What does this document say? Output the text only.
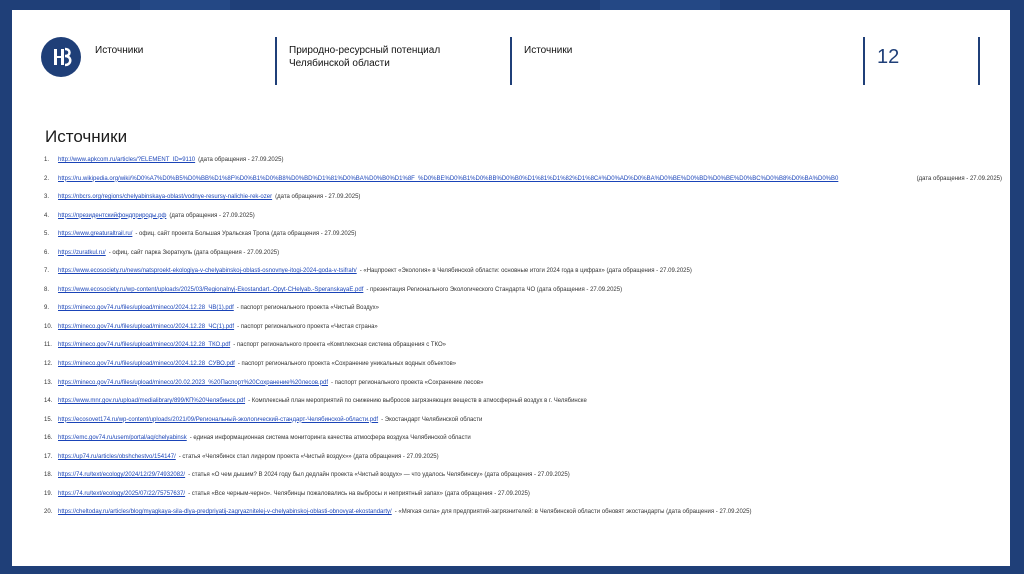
Источники	Природно-ресурсный потенциал
Челябинской области
Источники	12
Источники
1.	http://www.apkcom.ru/articles/?ELEMENT_ID=9110 (дата обращения - 27.09.2025)
2.	https://ru.wikipedia.org/wiki/%D0%A7%D0%B5%D0%BB%D1%8F%D0%B1%D0%B8%D0%BD%D1%81%D0%BA%D0%B0%D1%8F_%D0%BE%D0%B1%D0%BB%D0%B0%D1%81%D1%82%D1%8C#%D0%AD%D0%BA%D0%BE%D0%BD%D0%BE%D0%BC%D0%B8%D0%BA%D0%B0	(дата обращения - 27.09.2025)
3.	https://nbcrs.org/regions/chelyabinskaya-oblast/vodnye-resursy-nalichie-rek-ozer (дата обращения - 27.09.2025)
4.	https://президентскийфондприроды.рф (дата обращения - 27.09.2025)
5.	https://www.greaturaltrail.ru/ - офиц. сайт проекта Большая Уральская Тропа (дата обращения - 27.09.2025)
6.	https://zuratkul.ru/ - офиц. сайт парка Зюраткуль (дата обращения - 27.09.2025)
7.	https://www.ecosociety.ru/news/natsproekt-ekologiya-v-chelyabinskoj-oblasti-osnovnye-itogi-2024-goda-v-tsifrah/ - «Нацпроект «Экология» в Челябинской области: основные итоги 2024 года в цифрах» (дата обращения - 27.09.2025)
8.	https://www.ecosociety.ru/wp-content/uploads/2025/03/Regionalnyj-Ekostandart.-Opyt-CHelyab.-SperanskayaE.pdf - презентация Регионального Экологического Стандарта ЧО (дата обращения - 27.09.2025)
9.	https://mineco.gov74.ru/files/upload/mineco/2024.12.28_ЧВ(1).pdf - паспорт регионального проекта «Чистый Воздух»
10. https://mineco.gov74.ru/files/upload/mineco/2024.12.28_ЧС(1).pdf - паспорт регионального проекта «Чистая страна»
11.	https://mineco.gov74.ru/files/upload/mineco/2024.12.28_ТКО.pdf - паспорт регионального проекта «Комплексная система обращения с ТКО»
12. https://mineco.gov74.ru/files/upload/mineco/2024.12.28_СУВО.pdf - паспорт регионального проекта «Сохранение уникальных водных объектов»
13. https://mineco.gov74.ru/files/upload/mineco/20.02.2023_%20Паспорт%20Сохранение%20лесов.pdf - паспорт регионального проекта «Сохранение лесов»
14. https://www.mnr.gov.ru/upload/medialibrary/899/КП%20Челябинск.pdf - Комплексный план мероприятий по снижению выбросов загрязняющих веществ в атмосферный воздух в г. Челябинске
15. https://ecosovet174.ru/wp-content/uploads/2021/09/Региональный-экологический-стандарт-Челябинской-области.pdf - Экостандарт Челябинской области
16. https://emc.gov74.ru/usem/portal/aq/chelyabinsk - единая информационная система мониторинга качества атмосфера воздуха Челябинской области
17. https://up74.ru/articles/obshchestvo/154147/ - статья «Челябинск стал лидером проекта «Чистый воздух»» (дата обращения - 27.09.2025)
18. https://74.ru/text/ecology/2024/12/29/74932082/ - статья «О чем дышим? В 2024 году был дедлайн проекта «Чистый воздух» — что удалось Челябинску» (дата обращения - 27.09.2025)
19. https://74.ru/text/ecology/2025/07/22/75757637/ - статья «Все черным-черно». Челябинцы пожаловались на выбросы и неприятный запах» (дата обращения - 27.09.2025)
20. https://cheltoday.ru/articles/blog/myagkaya-sila-dlya-predpriyatij-zagryaznitelej-v-chelyabinskoj-oblasti-obnovyat-ekostandarty/ - «Мягкая сила» для предприятий-загрязнителей: в Челябинской области обновят экостандарты (дата обращения - 27.09.2025)
